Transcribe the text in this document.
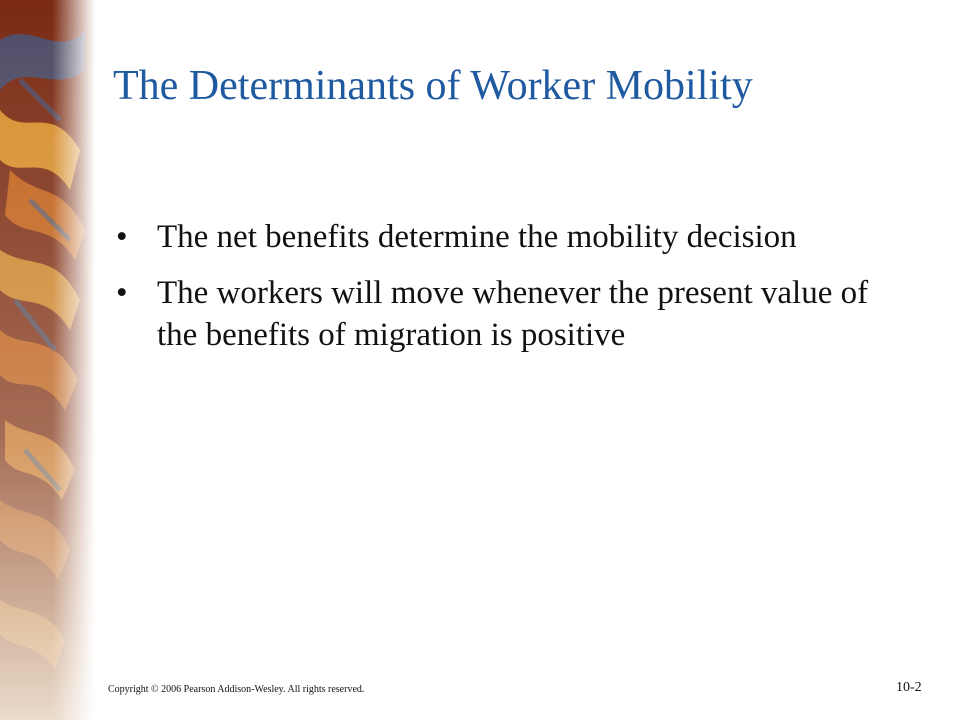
The Determinants of Worker Mobility
• The net benefits determine the mobility decision
• The workers will move whenever the present value of the benefits of migration is positive
Copyright © 2006 Pearson Addison-Wesley. All rights reserved.	10-2
